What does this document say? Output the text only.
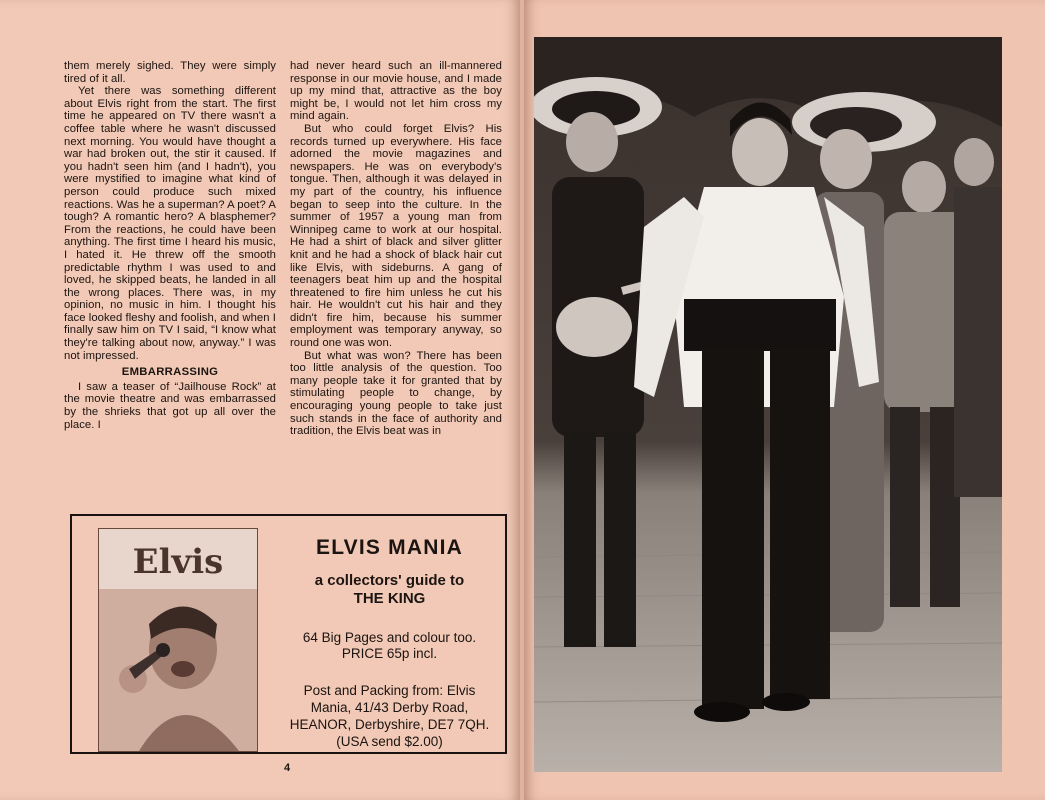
them merely sighed. They were simply tired of it all.

Yet there was something different about Elvis right from the start. The first time he appeared on TV there wasn't a coffee table where he wasn't discussed next morning. You would have thought a war had broken out, the stir it caused. If you hadn't seen him (and I hadn't), you were mystified to imagine what kind of person could produce such mixed reactions. Was he a superman? A poet? A tough? A romantic hero? A blasphemer? From the reactions, he could have been anything. The first time I heard his music, I hated it. He threw off the smooth predictable rhythm I was used to and loved, he skipped beats, he landed in all the wrong places. There was, in my opinion, no music in him. I thought his face looked fleshy and foolish, and when I finally saw him on TV I said, “I know what they're talking about now, anyway.” I was not impressed.

EMBARRASSING

I saw a teaser of “Jailhouse Rock” at the movie theatre and was embarrassed by the shrieks that got up all over the place. I

had never heard such an ill-mannered response in our movie house, and I made up my mind that, attractive as the boy might be, I would not let him cross my mind again.

But who could forget Elvis? His records turned up everywhere. His face adorned the movie magazines and newspapers. He was on everybody's tongue. Then, although it was delayed in my part of the country, his influence began to seep into the culture. In the summer of 1957 a young man from Winnipeg came to work at our hospital. He had a shirt of black and silver glitter knit and he had a shock of black hair cut like Elvis, with sideburns. A gang of teenagers beat him up and the hospital threatened to fire him unless he cut his hair. He wouldn't cut his hair and they didn't fire him, because his summer employment was temporary anyway, so round one was won.

But what was won? There has been too little analysis of the question. Too many people take it for granted that by stimulating people to change, by encouraging young people to take just such stands in the face of authority and tradition, the Elvis beat was in

Elvis	ELVIS MANIA
a collectors' guide to
THE KING
64 Big Pages and colour too.
PRICE 65p incl.
Post and Packing from: Elvis
Mania, 41/43 Derby Road,
HEANOR, Derbyshire, DE7 7QH.
(USA send $2.00)
4
